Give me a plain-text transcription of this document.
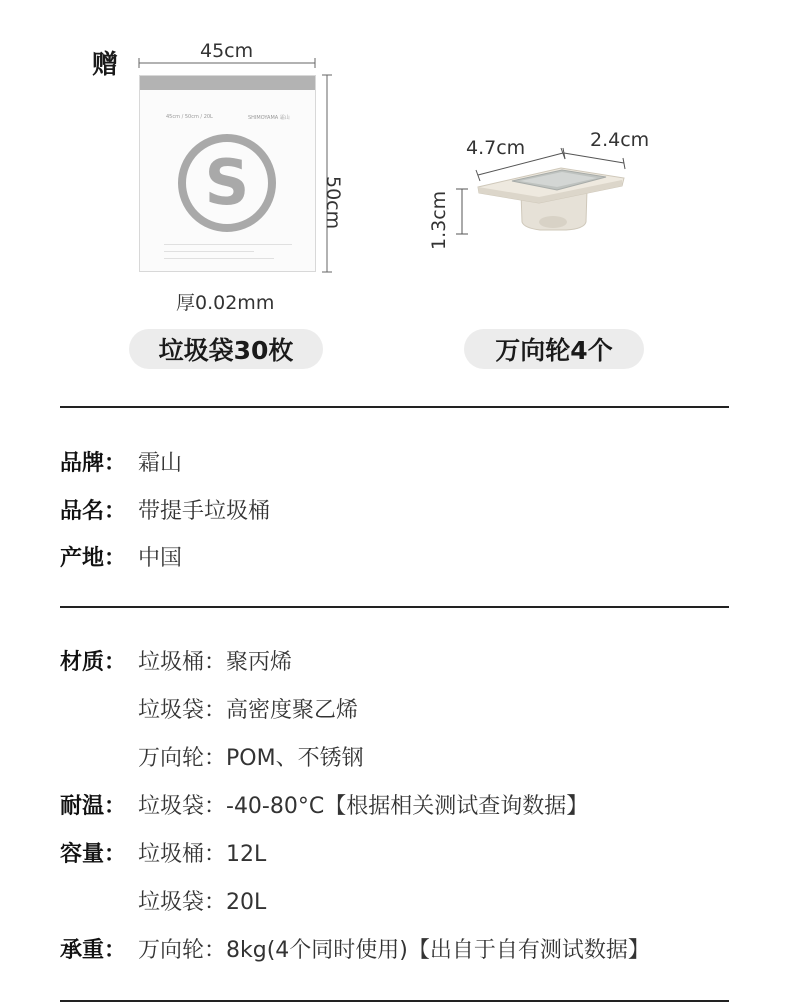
赠	45cm
45cm / 50cm / 20L	SHIMOYAMA 霜山
S	50cm
厚0.02mm
垃圾袋30枚
4.7cm	2.4cm
1.3cm
万向轮4个
品牌： 霜山
品名： 带提手垃圾桶
产地： 中国
材质： 垃圾桶：聚丙烯
垃圾袋：高密度聚乙烯
万向轮：POM、不锈钢
耐温： 垃圾袋：-40-80°C【根据相关测试查询数据】
容量： 垃圾桶：12L
垃圾袋：20L
承重： 万向轮：8kg(4个同时使用)【出自于自有测试数据】
